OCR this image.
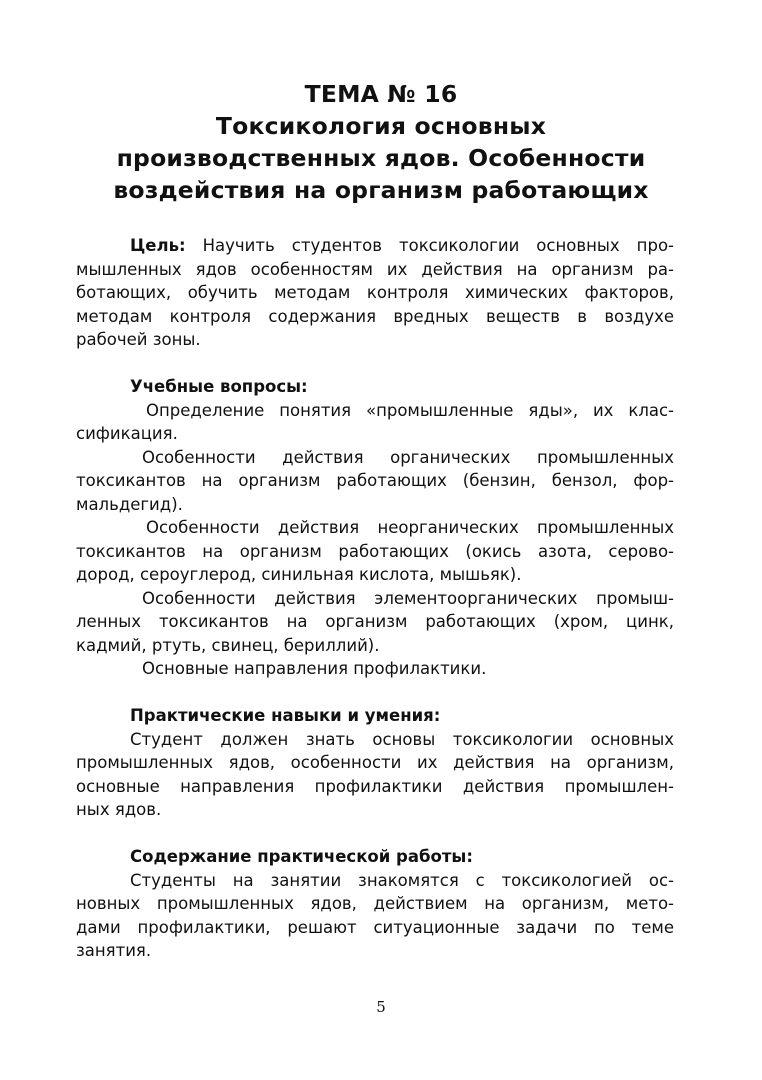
ТЕМА № 16
Токсикология основных
производственных ядов. Особенности
воздействия на организм работающих
Цель: Научить студентов токсикологии основных про-
мышленных ядов особенностям их действия на организм ра-
ботающих, обучить методам контроля химических факторов,
методам контроля содержания вредных веществ в воздухе
рабочей зоны.
Учебные вопросы:
Определение понятия «промышленные яды», их клас-
сификация.
Особенности действия органических промышленных
токсикантов на организм работающих (бензин, бензол, фор-
мальдегид).
Особенности действия неорганических промышленных
токсикантов на организм работающих (окись азота, серово-
дород, сероуглерод, синильная кислота, мышьяк).
Особенности действия элементоорганических промыш-
ленных токсикантов на организм работающих (хром, цинк,
кадмий, ртуть, свинец, бериллий).
Основные направления профилактики.
Практические навыки и умения:
Студент должен знать основы токсикологии основных
промышленных ядов, особенности их действия на организм,
основные направления профилактики действия промышлен-
ных ядов.
Содержание практической работы:
Студенты на занятии знакомятся с токсикологией ос-
новных промышленных ядов, действием на организм, мето-
дами профилактики, решают ситуационные задачи по теме
занятия.
5
